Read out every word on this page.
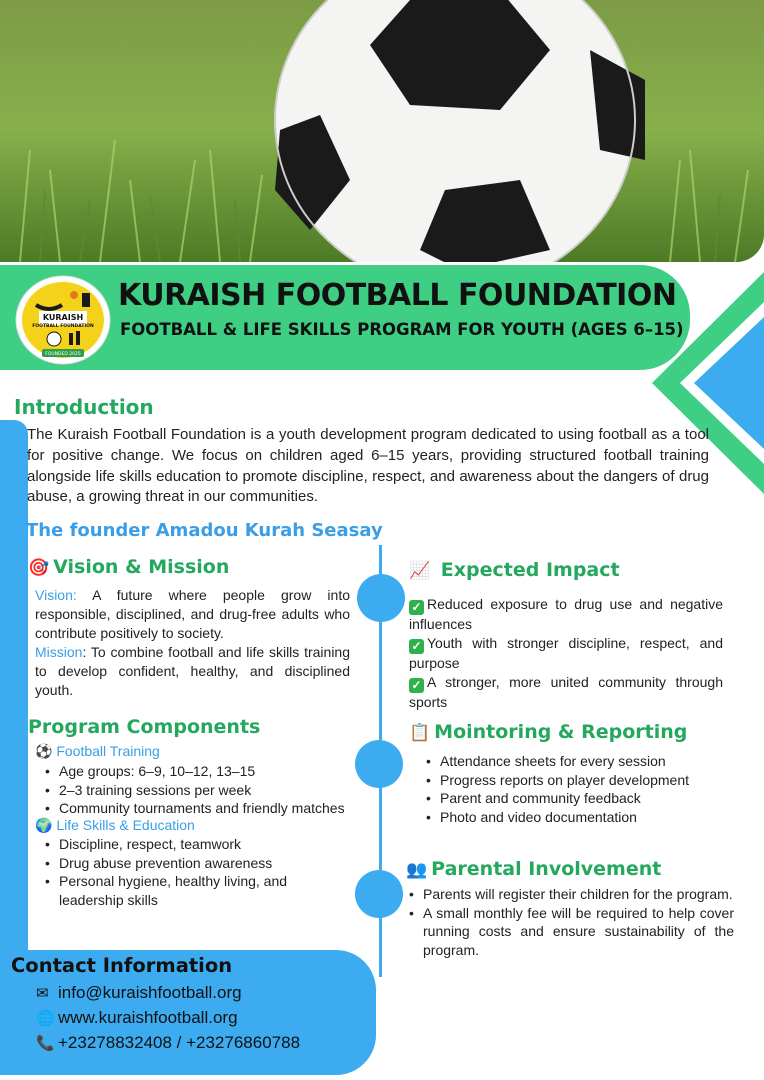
KURAISH
FOOTBALL FOUNDATION
FOUNDED 2025
KURAISH FOOTBALL FOUNDATION
FOOTBALL & LIFE SKILLS PROGRAM FOR YOUTH (AGES 6–15)
Introduction

The Kuraish Football Foundation is a youth development program dedicated to using football as a tool for positive change. We focus on children aged 6–15 years, providing structured football training alongside life skills education to promote discipline, respect, and awareness about the dangers of drug abuse, a growing threat in our communities.

The founder Amadou Kurah Seasay
🎯 Vision & Mission

Vision: A future where people grow into responsible, disciplined, and drug-free adults who contribute positively to society.
Mission: To combine football and life skills training to develop confident, healthy, and disciplined youth.

Program Components
⚽ Football Training
• Age groups: 6–9, 10–12, 13–15
• 2–3 training sessions per week
• Community tournaments and friendly matches
🌍 Life Skills & Education
• Discipline, respect, teamwork
• Drug abuse prevention awareness
• Personal hygiene, healthy living, and leadership skills
📈 Expected Impact
✓ Reduced exposure to drug use and negative influences
✓ Youth with stronger discipline, respect, and purpose
✓ A stronger, more united community through sports
📋 Mointoring & Reporting
• Attendance sheets for every session
• Progress reports on player development
• Parent and community feedback
• Photo and video documentation
👥 Parental Involvement
• Parents will register their children for the program.
• A small monthly fee will be required to help cover running costs and ensure sustainability of the program.
Contact Information
✉ info@kuraishfootball.org
🌐 www.kuraishfootball.org
📞 +23278832408 / +23276860788
